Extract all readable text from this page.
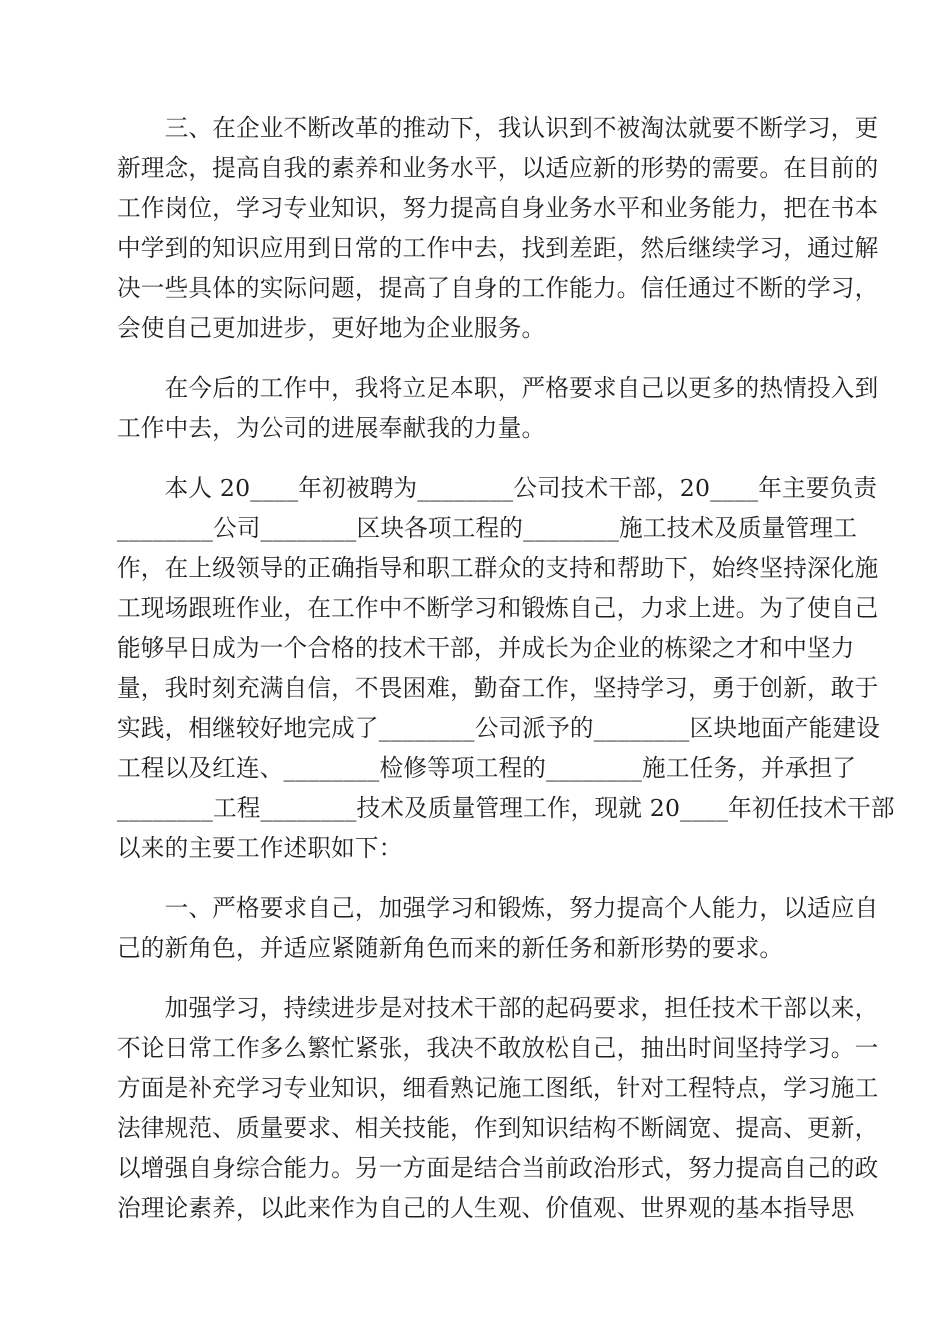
　　三、在企业不断改革的推动下，我认识到不被淘汰就要不断学习，更
新理念，提高自我的素养和业务水平，以适应新的形势的需要。在目前的
工作岗位，学习专业知识，努力提高自身业务水平和业务能力，把在书本
中学到的知识应用到日常的工作中去，找到差距，然后继续学习，通过解
决一些具体的实际问题，提高了自身的工作能力。信任通过不断的学习，
会使自己更加进步，更好地为企业服务。

　　在今后的工作中，我将立足本职，严格要求自己以更多的热情投入到
工作中去，为公司的进展奉献我的力量。

　　本人 20____年初被聘为________公司技术干部，20____年主要负责
________公司________区块各项工程的________施工技术及质量管理工
作，在上级领导的正确指导和职工群众的支持和帮助下，始终坚持深化施
工现场跟班作业，在工作中不断学习和锻炼自己，力求上进。为了使自己
能够早日成为一个合格的技术干部，并成长为企业的栋梁之才和中坚力
量，我时刻充满自信，不畏困难，勤奋工作，坚持学习，勇于创新，敢于
实践，相继较好地完成了________公司派予的________区块地面产能建设
工程以及红连、________检修等项工程的________施工任务，并承担了
________工程________技术及质量管理工作，现就 20____年初任技术干部
以来的主要工作述职如下：

　　一、严格要求自己，加强学习和锻炼，努力提高个人能力，以适应自
己的新角色，并适应紧随新角色而来的新任务和新形势的要求。

　　加强学习，持续进步是对技术干部的起码要求，担任技术干部以来，
不论日常工作多么繁忙紧张，我决不敢放松自己，抽出时间坚持学习。一
方面是补充学习专业知识，细看熟记施工图纸，针对工程特点，学习施工
法律规范、质量要求、相关技能，作到知识结构不断阔宽、提高、更新，
以增强自身综合能力。另一方面是结合当前政治形式，努力提高自己的政
治理论素养，以此来作为自己的人生观、价值观、世界观的基本指导思
